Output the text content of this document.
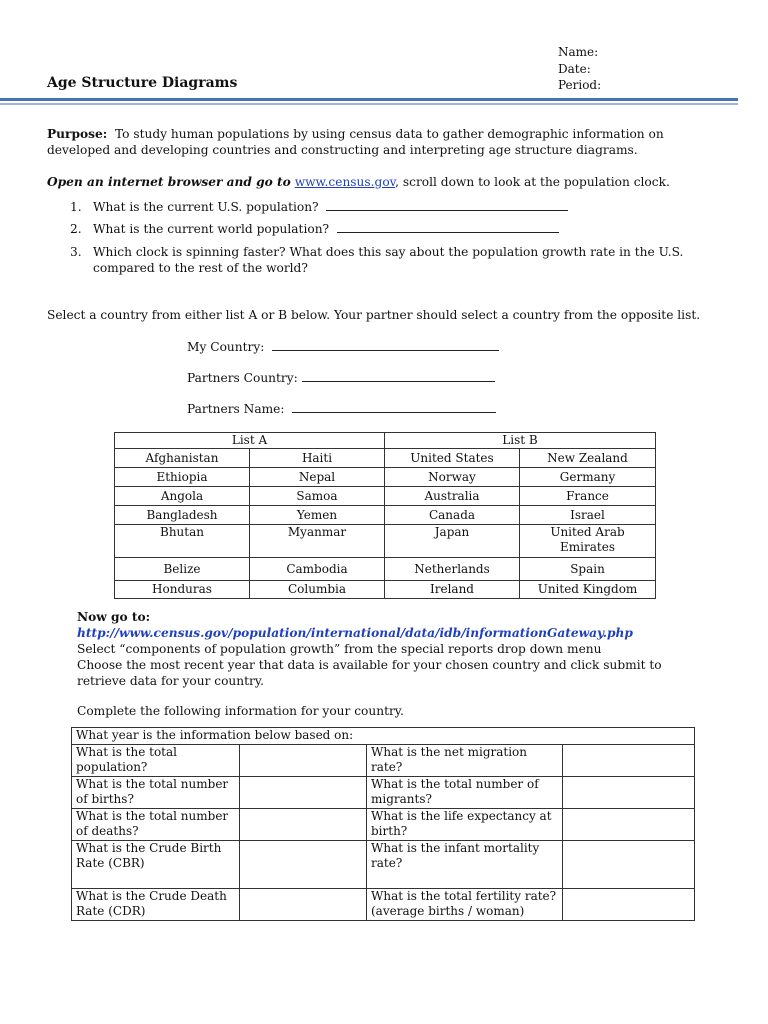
Age Structure Diagrams
Name:
Date:
Period:
Purpose: To study human populations by using census data to gather demographic information on developed and developing countries and constructing and interpreting age structure diagrams.
Open an internet browser and go to www.census.gov, scroll down to look at the population clock.
1. What is the current U.S. population?
2. What is the current world population?
3. Which clock is spinning faster? What does this say about the population growth rate in the U.S. compared to the rest of the world?
Select a country from either list A or B below. Your partner should select a country from the opposite list.
My Country:
Partners Country:
Partners Name:
List A		List B	
Afghanistan	Haiti	United States	New Zealand
Ethiopia	Nepal	Norway	Germany
Angola	Samoa	Australia	France
Bangladesh	Yemen	Canada	Israel
Bhutan	Myanmar	Japan	United Arab Emirates
Belize	Cambodia	Netherlands	Spain
Honduras	Columbia	Ireland	United Kingdom
Now go to:
http://www.census.gov/population/international/data/idb/informationGateway.php
Select “components of population growth” from the special reports drop down menu
Choose the most recent year that data is available for your chosen country and click submit to retrieve data for your country.
Complete the following information for your country.
What year is the information below based on:			
What is the total population?		What is the net migration rate?	
What is the total number of births?		What is the total number of migrants?	
What is the total number of deaths?		What is the life expectancy at birth?	
What is the Crude Birth Rate (CBR)		What is the infant mortality rate?	
What is the Crude Death Rate (CDR)		What is the total fertility rate? (average births / woman)	
